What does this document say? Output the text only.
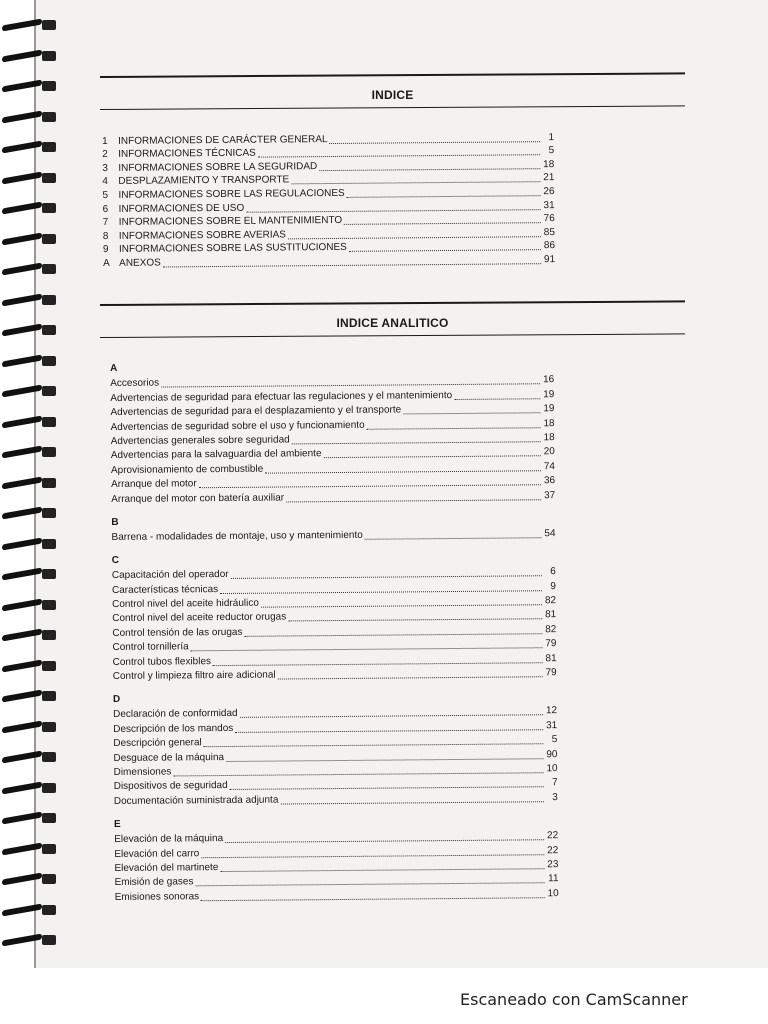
INDICE
1	INFORMACIONES DE CARÁCTER GENERAL	1
2	INFORMACIONES TÉCNICAS	5
3	INFORMACIONES SOBRE LA SEGURIDAD	18
4	DESPLAZAMIENTO Y TRANSPORTE	21
5	INFORMACIONES SOBRE LAS REGULACIONES	26
6	INFORMACIONES DE USO	31
7	INFORMACIONES SOBRE EL MANTENIMIENTO	76
8	INFORMACIONES SOBRE AVERIAS	85
9	INFORMACIONES SOBRE LAS SUSTITUCIONES	86
A ANEXOS	91
INDICE ANALITICO
A
Accesorios	16
Advertencias de seguridad para efectuar las regulaciones y el mantenimiento	19
Advertencias de seguridad para el desplazamiento y el transporte	19
Advertencias de seguridad sobre el uso y funcionamiento	18
Advertencias generales sobre seguridad	18
Advertencias para la salvaguardia del ambiente	20
Aprovisionamiento de combustible	74
Arranque del motor	36
Arranque del motor con batería auxiliar	37
B
Barrena - modalidades de montaje, uso y mantenimiento	54
C
Capacitación del operador	6
Características técnicas	9
Control nivel del aceite hidráulico	82
Control nivel del aceite reductor orugas	81
Control tensión de las orugas	82
Control tornillería	79
Control tubos flexibles	81
Control y limpieza filtro aire adicional	79
D
Declaración de conformidad	12
Descripción de los mandos	31
Descripción general	5
Desguace de la máquina	90
Dimensiones	10
Dispositivos de seguridad	7
Documentación suministrada adjunta	3
E
Elevación de la máquina	22
Elevación del carro	22
Elevación del martinete	23
Emisión de gases	11
Emisiones sonoras	10
Escaneado con CamScanner
